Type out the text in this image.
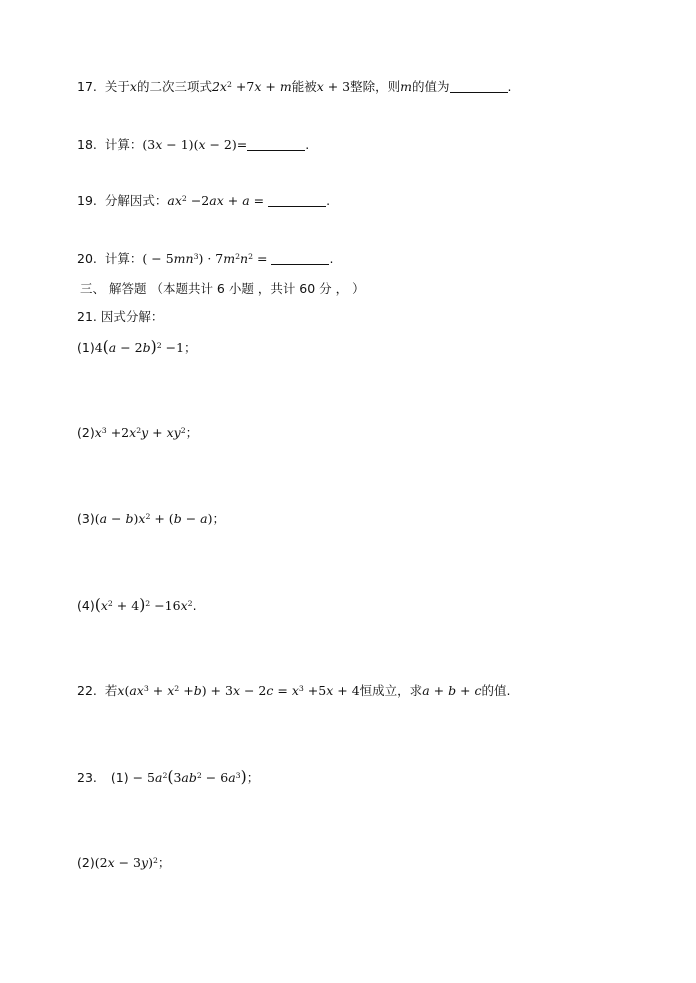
17. 关于x的二次三项式$2x^2 +7x + m$能被x + 3整除，则m的值为	.
18. 计算：(3x − 1)(x − 2)=	.
19. 分解因式：$ax^2 -2ax + a$ =	.
20. 计算：( − $5mn^3) \cdot 7m^2n^2$ =	.
三、 解答题 （本题共计 6 小题 ，共计 60 分 ， ）
21. 因式分解：
$(1)4(a - 2b)^2 -1$；
$(2)x^3 +2x^2y + xy^2$；
$(3)(a - b)x^2 + (b - a)$；
$(4)(x^2 + 4)^2 -16x^2$.
22. 若$x(ax^3 + x^2 +b) + 3x - 2c = x^3 +5x + 4$恒成立，求a + b + c的值.
23. $(1) - 5a^2(3ab^2 - 6a^3)$；
$(2)(2x - 3y)^2$；
